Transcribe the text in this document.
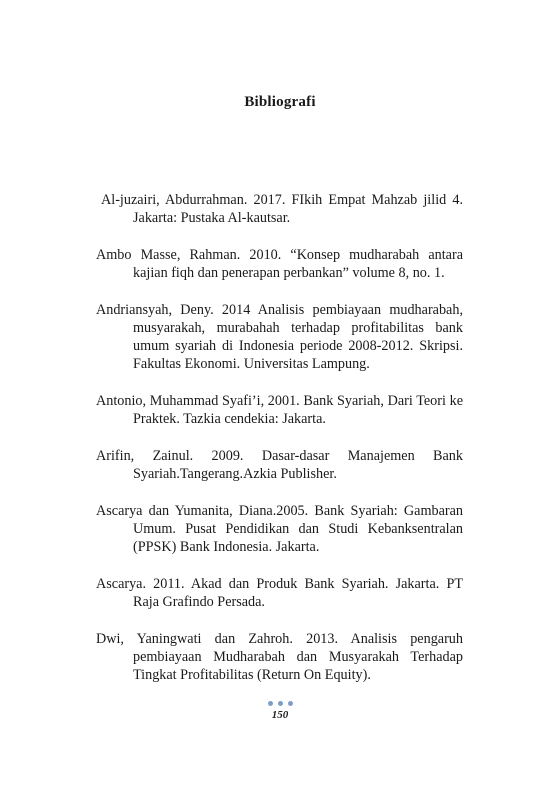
Bibliografi

Al-juzairi, Abdurrahman. 2017. FIkih Empat Mahzab jilid 4. Jakarta: Pustaka Al-kautsar.

Ambo Masse, Rahman. 2010. “Konsep mudharabah antara kajian fiqh dan penerapan perbankan” volume 8, no. 1.

Andriansyah, Deny. 2014 Analisis pembiayaan mudharabah, musyarakah, murabahah terhadap profitabilitas bank umum syariah di Indonesia periode 2008-2012. Skripsi. Fakultas Ekonomi. Universitas Lampung.

Antonio, Muhammad Syafi’i, 2001. Bank Syariah, Dari Teori ke Praktek. Tazkia cendekia: Jakarta.

Arifin, Zainul. 2009. Dasar-dasar Manajemen Bank Syariah.Tangerang.Azkia Publisher.

Ascarya dan Yumanita, Diana.2005. Bank Syariah: Gambaran Umum. Pusat Pendidikan dan Studi Kebanksentralan (PPSK) Bank Indonesia. Jakarta.

Ascarya. 2011. Akad dan Produk Bank Syariah. Jakarta. PT Raja Grafindo Persada.

Dwi, Yaningwati dan Zahroh. 2013. Analisis pengaruh pembiayaan Mudharabah dan Musyarakah Terhadap Tingkat Profitabilitas (Return On Equity).

150
